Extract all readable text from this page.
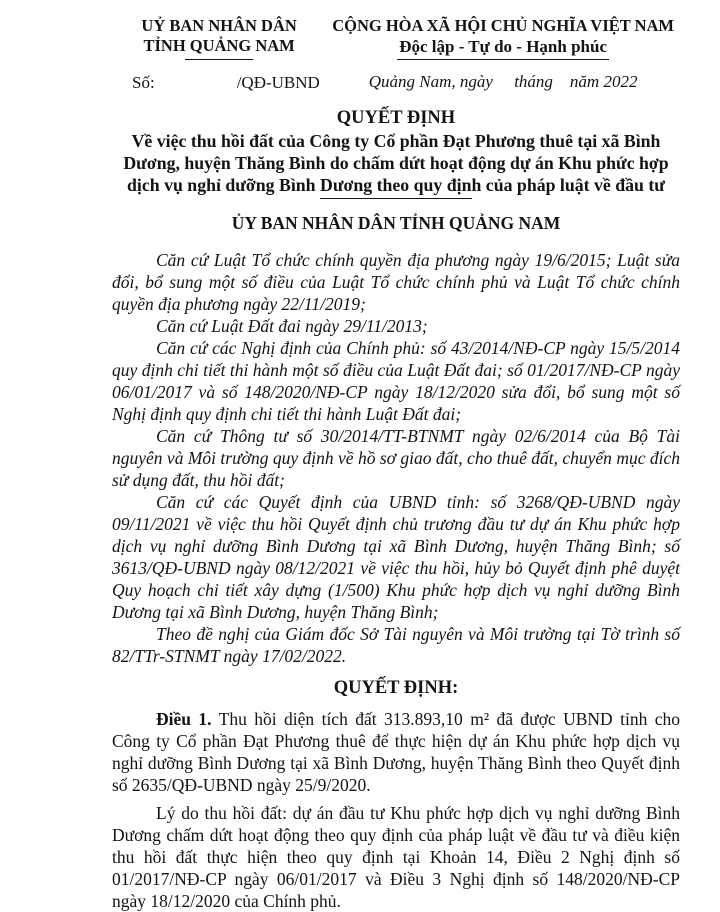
UỶ BAN NHÂN DÂN
TỈNH QUẢNG NAM
Số:	/QĐ-UBND
CỘNG HÒA XÃ HỘI CHỦ NGHĨA VIỆT NAM
Độc lập - Tự do - Hạnh phúc
Quảng Nam, ngày     tháng    năm 2022
QUYẾT ĐỊNH
Về việc thu hồi đất của Công ty Cổ phần Đạt Phương thuê tại xã Bình Dương, huyện Thăng Bình do chấm dứt hoạt động dự án Khu phức hợp dịch vụ nghỉ dưỡng Bình Dương theo quy định của pháp luật về đầu tư
ỦY BAN NHÂN DÂN TỈNH QUẢNG NAM

Căn cứ Luật Tổ chức chính quyền địa phương ngày 19/6/2015; Luật sửa đổi, bổ sung một số điều của Luật Tổ chức chính phủ và Luật Tổ chức chính quyền địa phương ngày 22/11/2019;

Căn cứ Luật Đất đai ngày 29/11/2013;

Căn cứ các Nghị định của Chính phủ: số 43/2014/NĐ-CP ngày 15/5/2014 quy định chi tiết thi hành một số điều của Luật Đất đai; số 01/2017/NĐ-CP ngày 06/01/2017 và số 148/2020/NĐ-CP ngày 18/12/2020 sửa đổi, bổ sung một số Nghị định quy định chi tiết thi hành Luật Đất đai;

Căn cứ Thông tư số 30/2014/TT-BTNMT ngày 02/6/2014 của Bộ Tài nguyên và Môi trường quy định về hồ sơ giao đất, cho thuê đất, chuyển mục đích sử dụng đất, thu hồi đất;

Căn cứ các Quyết định của UBND tỉnh: số 3268/QĐ-UBND ngày 09/11/2021 về việc thu hồi Quyết định chủ trương đầu tư dự án Khu phức hợp dịch vụ nghỉ dưỡng Bình Dương tại xã Bình Dương, huyện Thăng Bình; số 3613/QĐ-UBND ngày 08/12/2021 về việc thu hồi, hủy bỏ Quyết định phê duyệt Quy hoạch chi tiết xây dựng (1/500) Khu phức hợp dịch vụ nghỉ dưỡng Bình Dương tại xã Bình Dương, huyện Thăng Bình;

Theo đề nghị của Giám đốc Sở Tài nguyên và Môi trường tại Tờ trình số 82/TTr-STNMT ngày 17/02/2022.

QUYẾT ĐỊNH:

Điều 1. Thu hồi diện tích đất 313.893,10 m² đã được UBND tỉnh cho Công ty Cổ phần Đạt Phương thuê để thực hiện dự án Khu phức hợp dịch vụ nghỉ dưỡng Bình Dương tại xã Bình Dương, huyện Thăng Bình theo Quyết định số 2635/QĐ-UBND ngày 25/9/2020.

Lý do thu hồi đất: dự án đầu tư Khu phức hợp dịch vụ nghỉ dưỡng Bình Dương chấm dứt hoạt động theo quy định của pháp luật về đầu tư và điều kiện thu hồi đất thực hiện theo quy định tại Khoản 14, Điều 2 Nghị định số 01/2017/NĐ-CP ngày 06/01/2017 và Điều 3 Nghị định số 148/2020/NĐ-CP ngày 18/12/2020 của Chính phủ.
